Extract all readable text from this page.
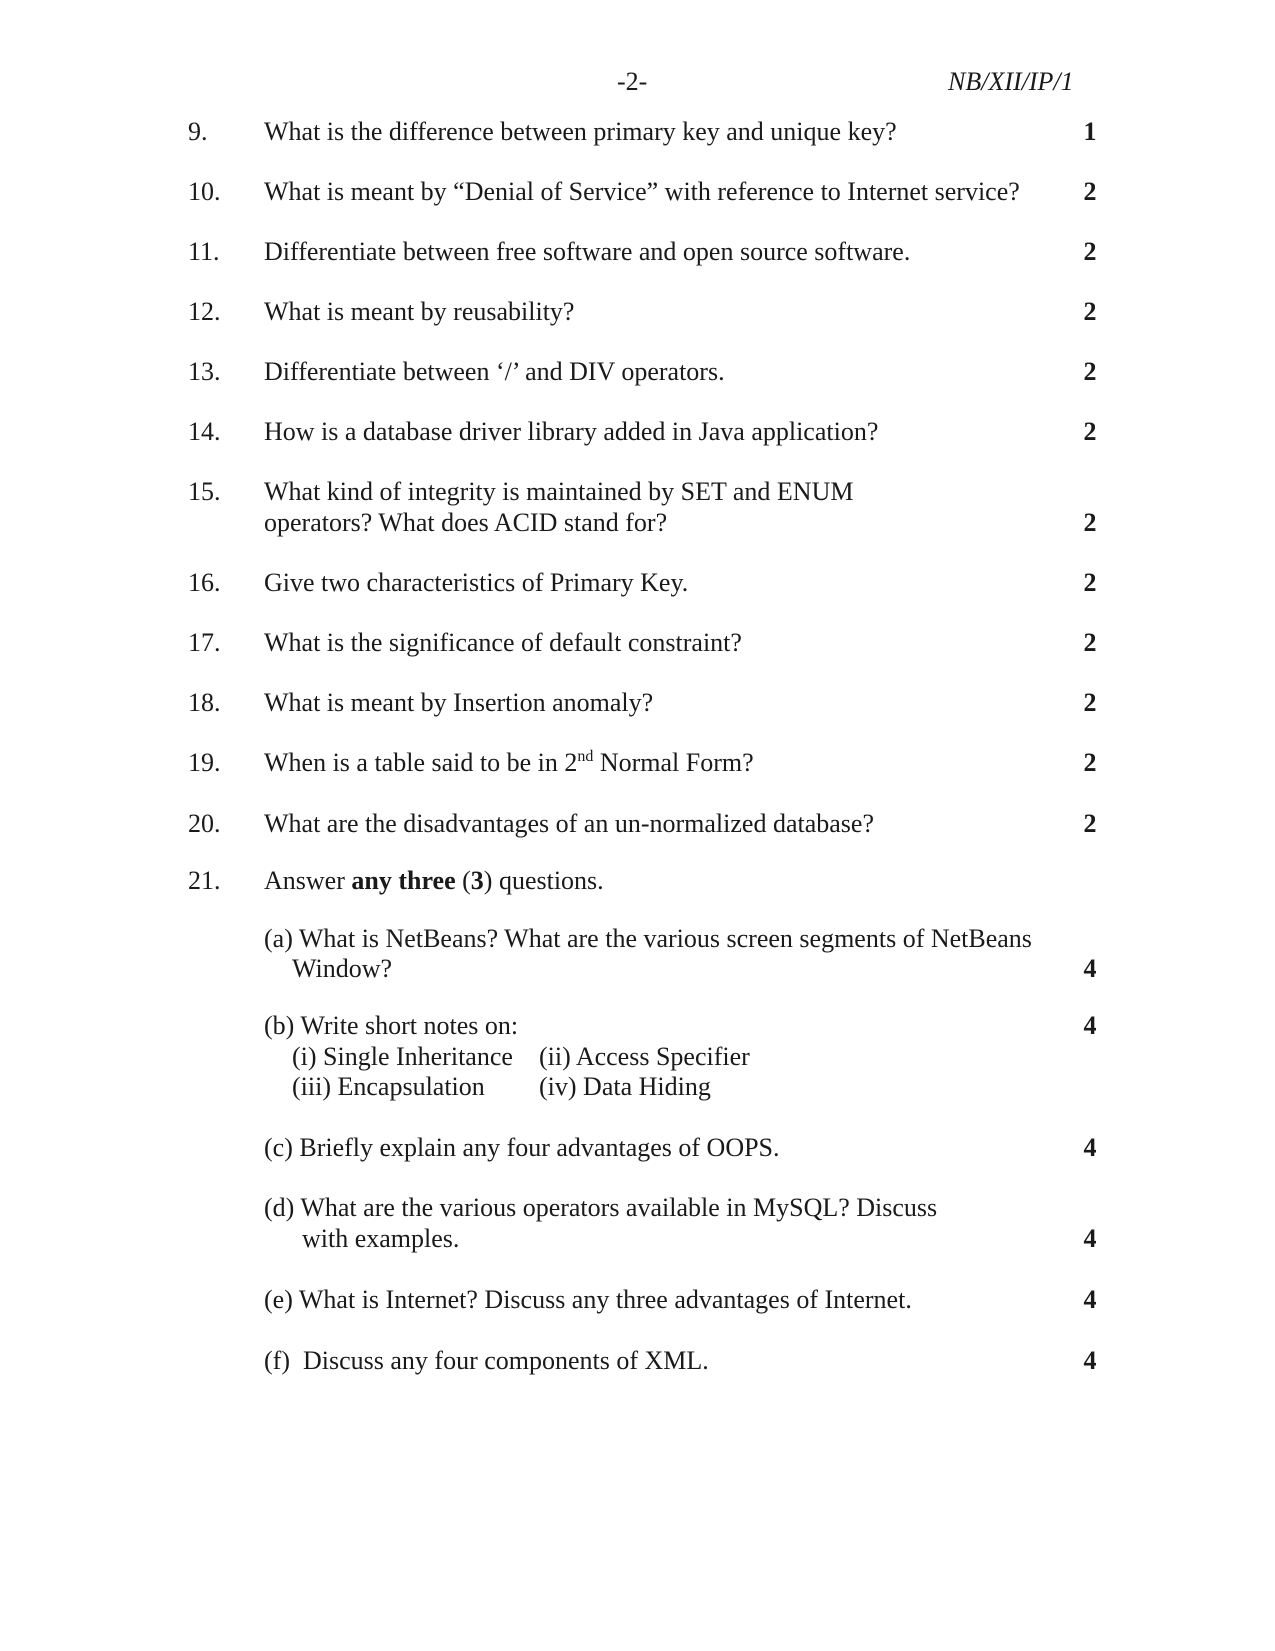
-2-	NB/XII/IP/1
9. What is the difference between primary key and unique key?	1
10. What is meant by “Denial of Service” with reference to Internet service? 2
11. Differentiate between free software and open source software.	2
12. What is meant by reusability?	2
13. Differentiate between ‘/’ and DIV operators.	2
14. How is a database driver library added in Java application?	2
15. What kind of integrity is maintained by SET and ENUM
operators? What does ACID stand for?	2
16. Give two characteristics of Primary Key.	2
17. What is the significance of default constraint?	2
18. What is meant by Insertion anomaly?	2
19. When is a table said to be in 2nd Normal Form?	2
20. What are the disadvantages of an un-normalized database?	2
21. Answer any three (3) questions.
(a) What is NetBeans? What are the various screen segments of NetBeans
Window?	4
(b) Write short notes on:	4
(i) Single Inheritance (ii) Access Specifier
(iii) Encapsulation (iv) Data Hiding
(c) Briefly explain any four advantages of OOPS.	4
(d) What are the various operators available in MySQL? Discuss
with examples.	4
(e) What is Internet? Discuss any three advantages of Internet.	4
(f)  Discuss any four components of XML.	4
